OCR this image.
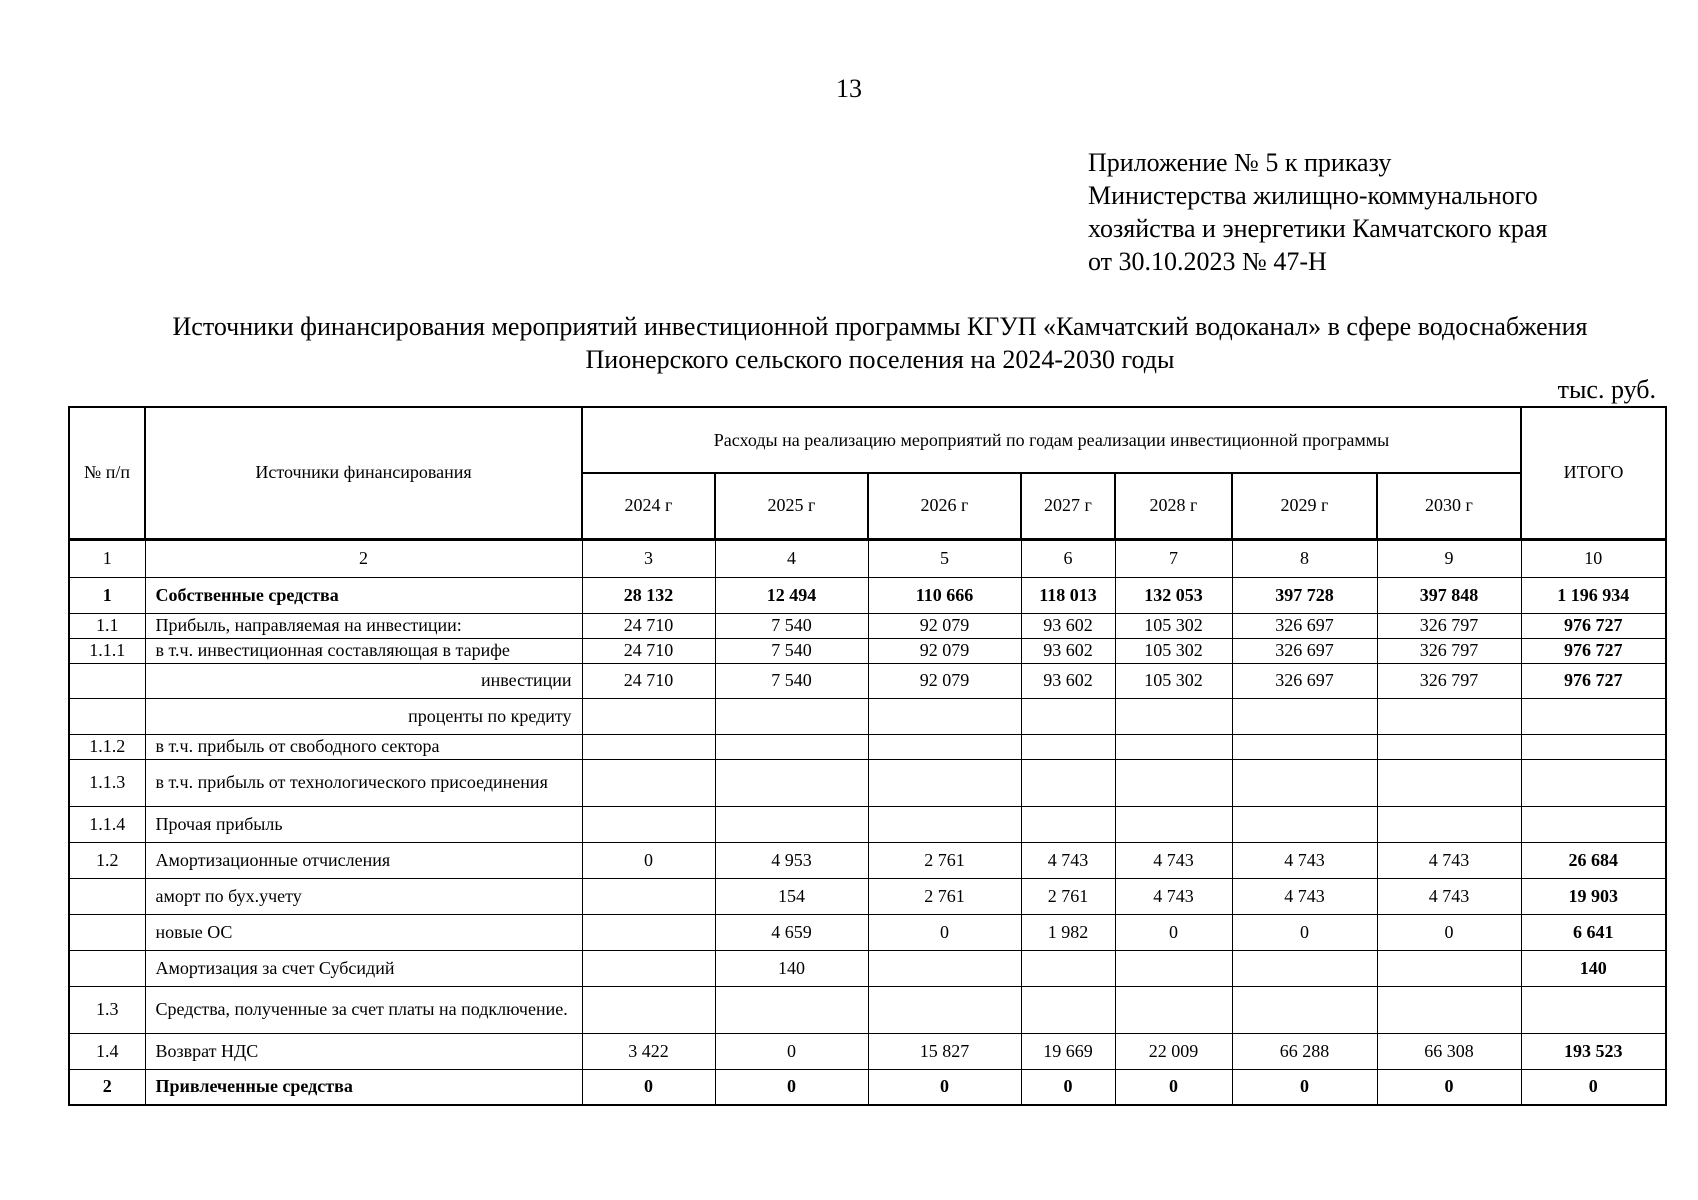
13
Приложение № 5 к приказу
Министерства жилищно-коммунального
хозяйства и энергетики Камчатского края
от 30.10.2023 № 47-Н
Источники финансирования мероприятий инвестиционной программы КГУП «Камчатский водоканал» в сфере водоснабжения
Пионерского сельского поселения на 2024-2030 годы
тыс. руб.
№ п/п	Источники финансирования	Расходы на реализацию мероприятий по годам реализации инвестиционной программы							ИТОГО
		2024 г	2025 г	2026 г	2027 г	2028 г	2029 г	2030 г	
1	2	3	4	5	6	7	8	9	10
1	Собственные средства	28 132	12 494	110 666	118 013	132 053	397 728	397 848	1 196 934
1.1	Прибыль, направляемая на инвестиции:	24 710	7 540	92 079	93 602	105 302	326 697	326 797	976 727
1.1.1	в т.ч. инвестиционная составляющая в тарифе	24 710	7 540	92 079	93 602	105 302	326 697	326 797	976 727
	инвестиции	24 710	7 540	92 079	93 602	105 302	326 697	326 797	976 727
	проценты по кредиту								
1.1.2	в т.ч. прибыль от свободного сектора								
1.1.3	в т.ч. прибыль от технологического присоединения								
1.1.4	Прочая прибыль								
1.2	Амортизационные отчисления	0	4 953	2 761	4 743	4 743	4 743	4 743	26 684
	аморт по бух.учету		154	2 761	2 761	4 743	4 743	4 743	19 903
	новые ОС		4 659	0	1 982	0	0	0	6 641
	Амортизация за счет Субсидий		140						140
1.3	Средства, полученные за счет платы на подключение.								
1.4	Возврат НДС	3 422	0	15 827	19 669	22 009	66 288	66 308	193 523
2	Привлеченные средства	0	0	0	0	0	0	0	0
